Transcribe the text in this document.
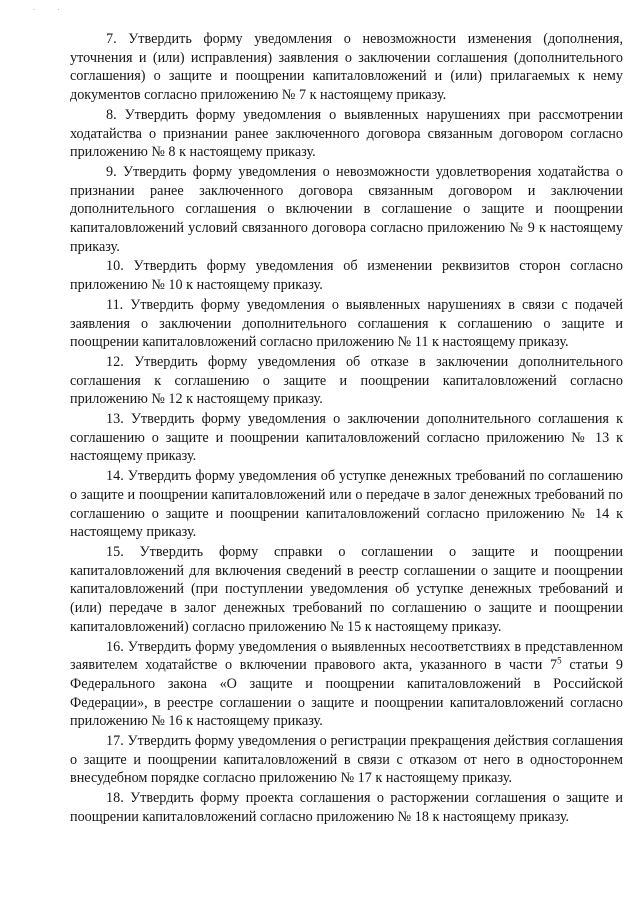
. .

7. Утвердить форму уведомления о невозможности изменения (дополнения, уточнения и (или) исправления) заявления о заключении соглашения (дополнительного соглашения) о защите и поощрении капиталовложений и (или) прилагаемых к нему документов согласно приложению № 7 к настоящему приказу.

8. Утвердить форму уведомления о выявленных нарушениях при рассмотрении ходатайства о признании ранее заключенного договора связанным договором согласно приложению № 8 к настоящему приказу.

9. Утвердить форму уведомления о невозможности удовлетворения ходатайства о признании ранее заключенного договора связанным договором и заключении дополнительного соглашения о включении в соглашение о защите и поощрении капиталовложений условий связанного договора согласно приложению № 9 к настоящему приказу.

10. Утвердить форму уведомления об изменении реквизитов сторон согласно приложению № 10 к настоящему приказу.

11. Утвердить форму уведомления о выявленных нарушениях в связи с подачей заявления о заключении дополнительного соглашения к соглашению о защите и поощрении капиталовложений согласно приложению № 11 к настоящему приказу.

12. Утвердить форму уведомления об отказе в заключении дополнительного соглашения к соглашению о защите и поощрении капиталовложений согласно приложению № 12 к настоящему приказу.

13. Утвердить форму уведомления о заключении дополнительного соглашения к соглашению о защите и поощрении капиталовложений согласно приложению № 13 к настоящему приказу.

14. Утвердить форму уведомления об уступке денежных требований по соглашению о защите и поощрении капиталовложений или о передаче в залог денежных требований по соглашению о защите и поощрении капиталовложений согласно приложению № 14 к настоящему приказу.

15. Утвердить форму справки о соглашении о защите и поощрении капиталовложений для включения сведений в реестр соглашении о защите и поощрении капиталовложений (при поступлении уведомления об уступке денежных требований и (или) передаче в залог денежных требований по соглашению о защите и поощрении капиталовложений) согласно приложению № 15 к настоящему приказу.

16. Утвердить форму уведомления о выявленных несоответствиях в представленном заявителем ходатайстве о включении правового акта, указанного в части $7^5$ статьи 9 Федерального закона «О защите и поощрении капиталовложений в Российской Федерации», в реестре соглашении о защите и поощрении капиталовложений согласно приложению № 16 к настоящему приказу.

17. Утвердить форму уведомления о регистрации прекращения действия соглашения о защите и поощрении капиталовложений в связи с отказом от него в одностороннем внесудебном порядке согласно приложению № 17 к настоящему приказу.

18. Утвердить форму проекта соглашения о расторжении соглашения о защите и поощрении капиталовложений согласно приложению № 18 к настоящему приказу.
